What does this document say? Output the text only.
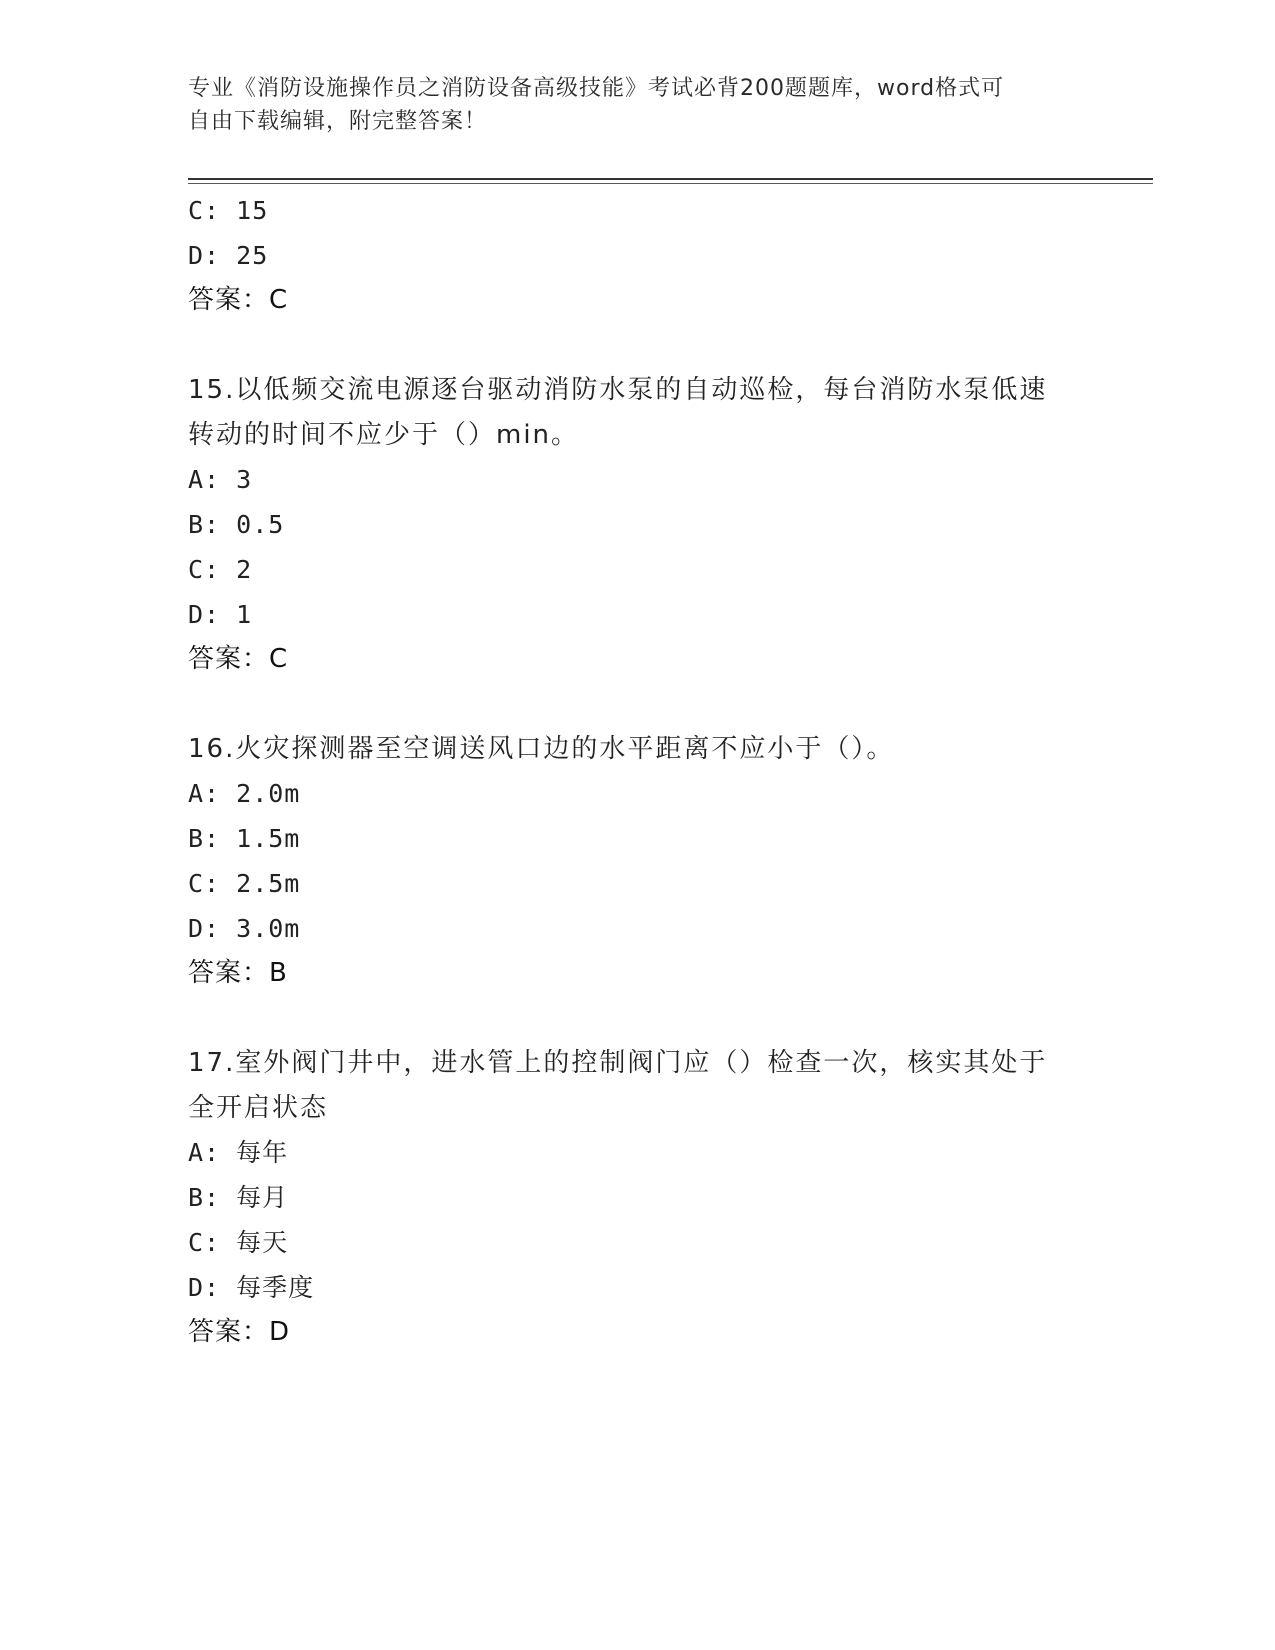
专业《消防设施操作员之消防设备高级技能》考试必背200题题库，word格式可
自由下载编辑，附完整答案！
C: 15
D: 25
答案：C
15.以低频交流电源逐台驱动消防水泵的自动巡检，每台消防水泵低速
转动的时间不应少于（）min。
A: 3
B: 0.5
C: 2
D: 1
答案：C
16.火灾探测器至空调送风口边的水平距离不应小于（）。
A: 2.0m
B: 1.5m
C: 2.5m
D: 3.0m
答案：B
17.室外阀门井中，进水管上的控制阀门应（）检查一次，核实其处于
全开启状态
A: 每年
B: 每月
C: 每天
D: 每季度
答案：D
